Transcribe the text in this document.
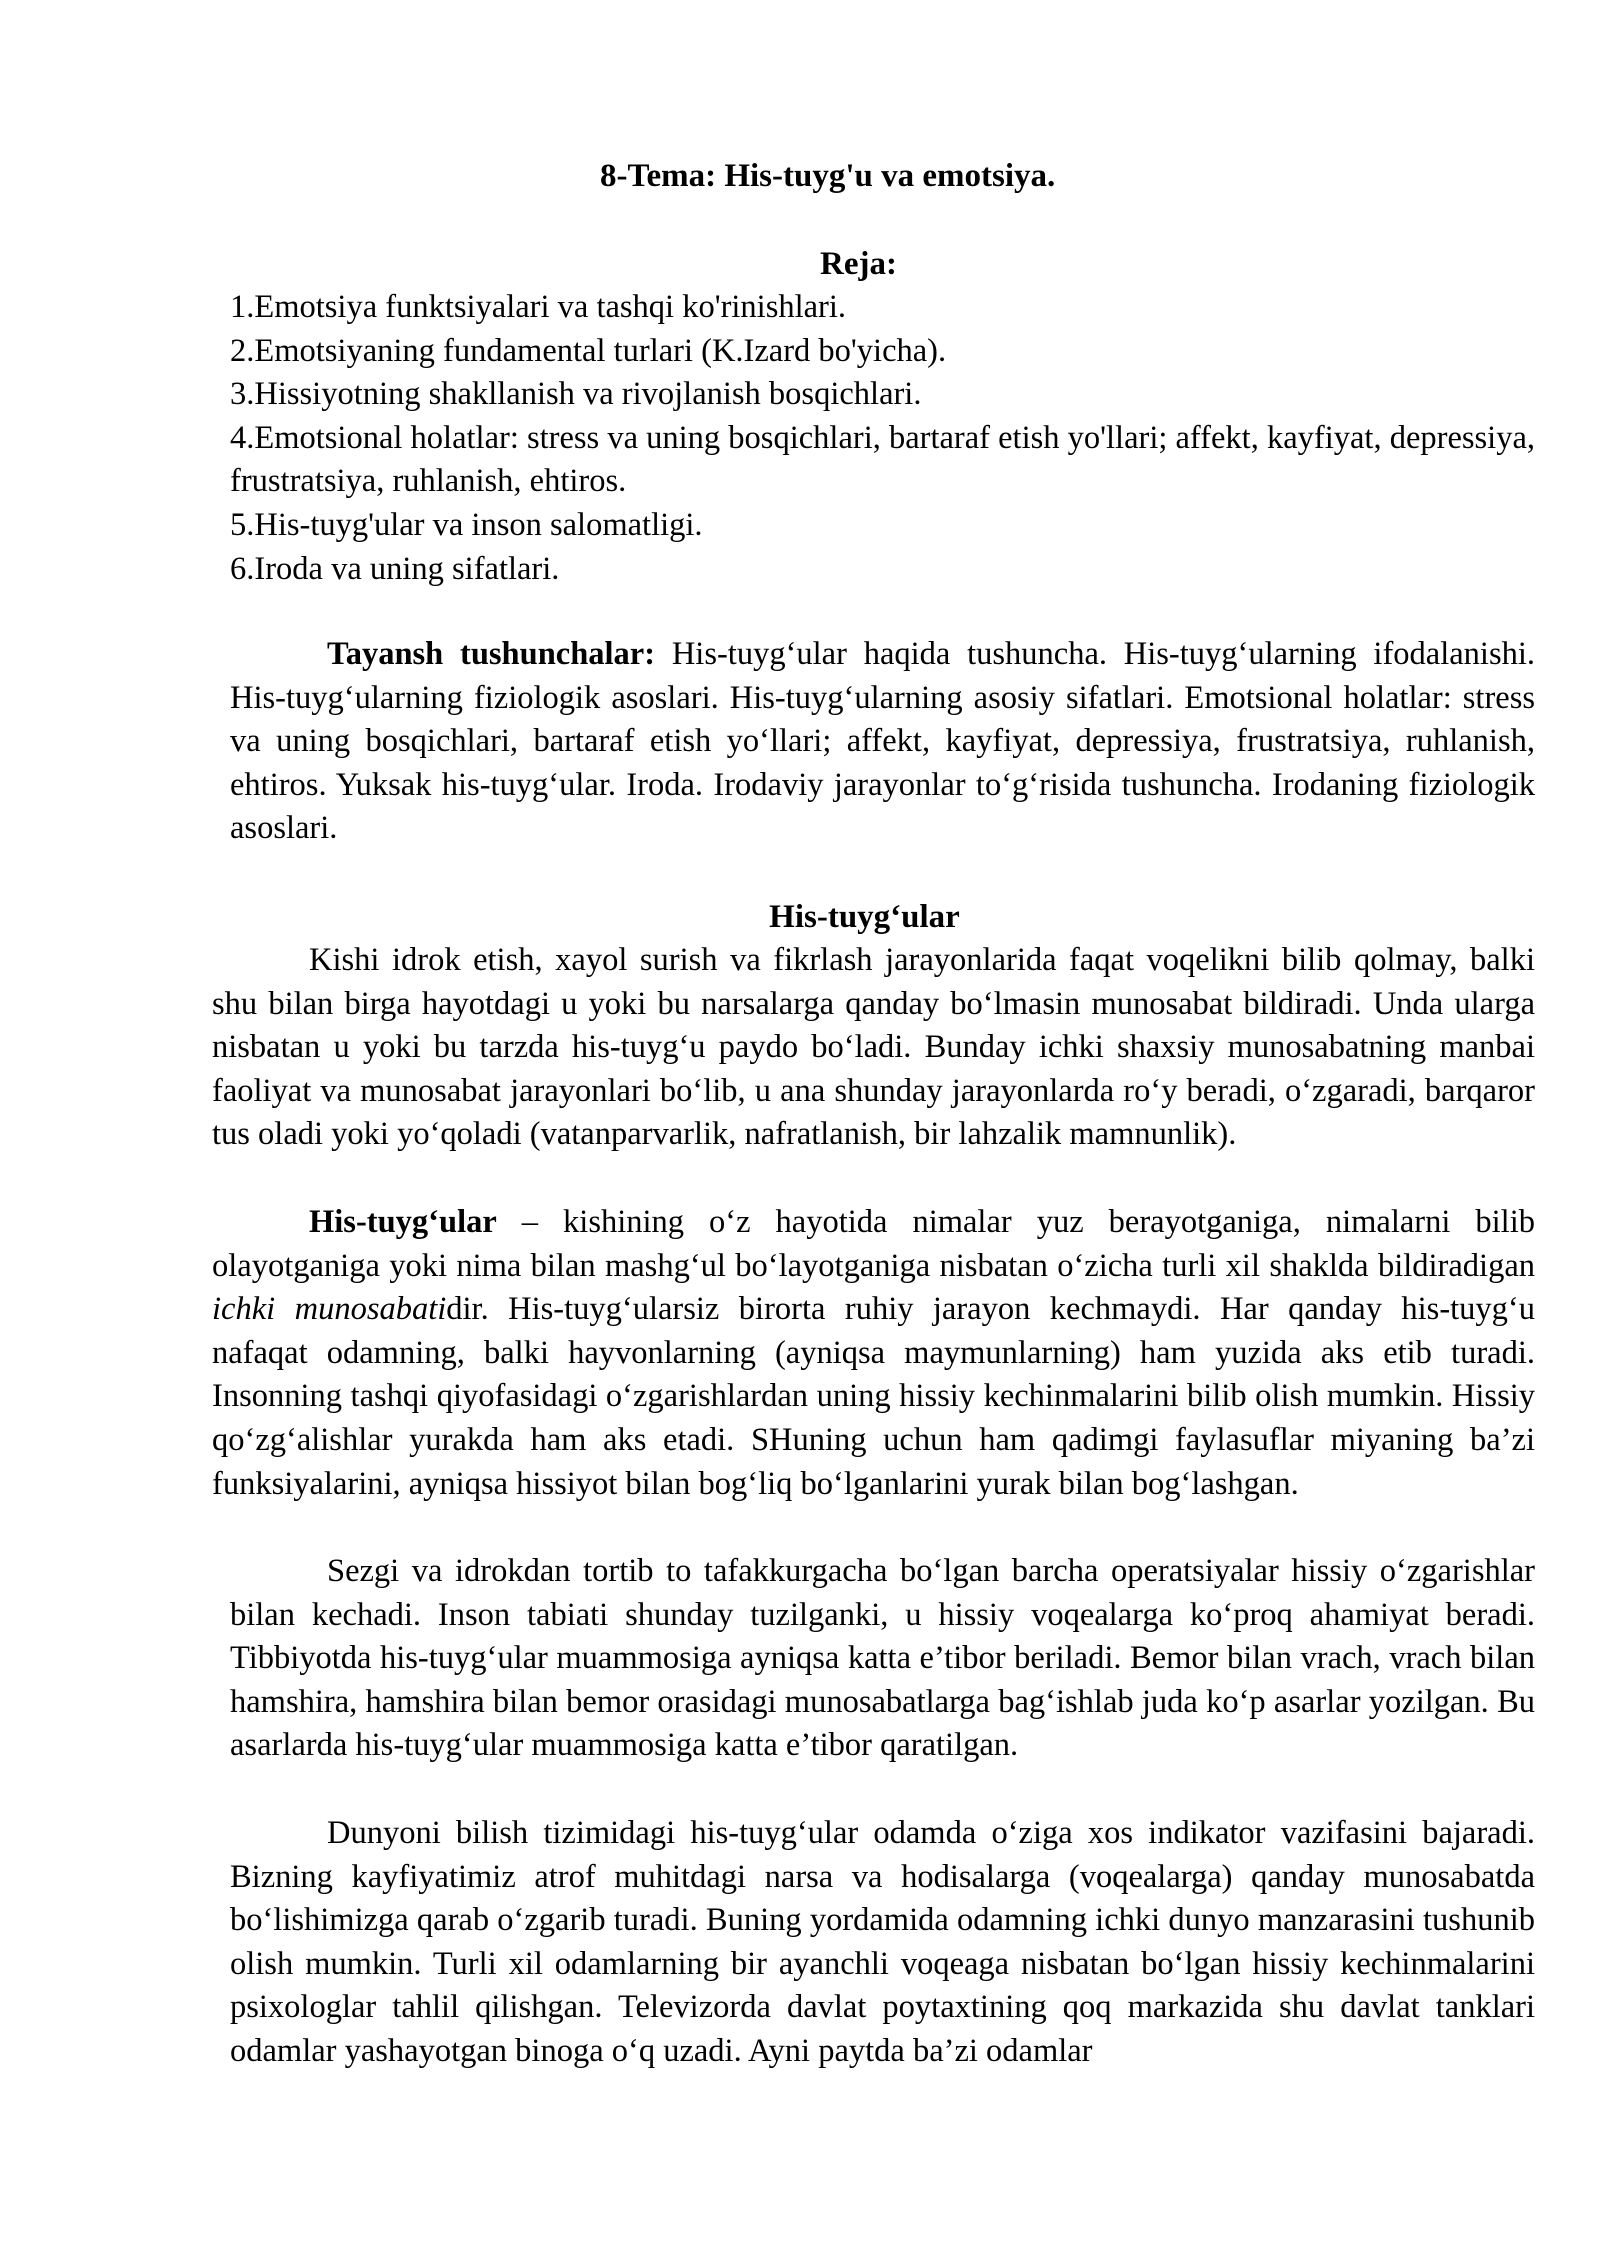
8-Tema: His-tuyg'u va emotsiya.
Reja:
1.Emotsiya funktsiyalari va tashqi ko'rinishlari.
2.Emotsiyaning fundamental turlari (K.Izard bo'yicha).
3.Hissiyotning shakllanish va rivojlanish bosqichlari.
4.Emotsional holatlar: stress va uning bosqichlari, bartaraf etish yo'llari; affekt, kayfiyat, depressiya, frustratsiya, ruhlanish, ehtiros.
5.His-tuyg'ular va inson salomatligi.
6.Iroda va uning sifatlari.
Tayansh tushunchalar: His-tuyg‘ular haqida tushuncha. His-tuyg‘ularning ifodalanishi. His-tuyg‘ularning fiziologik asoslari. His-tuyg‘ularning asosiy sifatlari. Emotsional holatlar: stress va uning bosqichlari, bartaraf etish yo‘llari; affekt, kayfiyat, depressiya, frustratsiya, ruhlanish, ehtiros. Yuksak his-tuyg‘ular. Iroda. Irodaviy jarayonlar to‘g‘risida tushuncha. Irodaning fiziologik asoslari.
His-tuyg‘ular
Kishi idrok etish, xayol surish va fikrlash jarayonlarida faqat voqelikni bilib qolmay, balki shu bilan birga hayotdagi u yoki bu narsalarga qanday bo‘lmasin munosabat bildiradi. Unda ularga nisbatan u yoki bu tarzda his-tuyg‘u paydo bo‘ladi. Bunday ichki shaxsiy munosabatning manbai faoliyat va munosabat jarayonlari bo‘lib, u ana shunday jarayonlarda ro‘y beradi, o‘zgaradi, barqaror tus oladi yoki yo‘qoladi (vatanparvarlik, nafratlanish, bir lahzalik mamnunlik).
His-tuyg‘ular – kishining o‘z hayotida nimalar yuz berayotganiga, nimalarni bilib olayotganiga yoki nima bilan mashg‘ul bo‘layotganiga nisbatan o‘zicha turli xil shaklda bildiradigan ichki munosabatidir. His-tuyg‘ularsiz birorta ruhiy jarayon kechmaydi. Har qanday his-tuyg‘u nafaqat odamning, balki hayvonlarning (ayniqsa maymunlarning) ham yuzida aks etib turadi. Insonning tashqi qiyofasidagi o‘zgarishlardan uning hissiy kechinmalarini bilib olish mumkin. Hissiy qo‘zg‘alishlar yurakda ham aks etadi. SHuning uchun ham qadimgi faylasuflar miyaning ba’zi funksiyalarini, ayniqsa hissiyot bilan bog‘liq bo‘lganlarini yurak bilan bog‘lashgan.
Sezgi va idrokdan tortib to tafakkurgacha bo‘lgan barcha operatsiyalar hissiy o‘zgarishlar bilan kechadi. Inson tabiati shunday tuzilganki, u hissiy voqealarga ko‘proq ahamiyat beradi. Tibbiyotda his-tuyg‘ular muammosiga ayniqsa katta e’tibor beriladi. Bemor bilan vrach, vrach bilan hamshira, hamshira bilan bemor orasidagi munosabatlarga bag‘ishlab juda ko‘p asarlar yozilgan. Bu asarlarda his-tuyg‘ular muammosiga katta e’tibor qaratilgan.
Dunyoni bilish tizimidagi his-tuyg‘ular odamda o‘ziga xos indikator vazifasini bajaradi. Bizning kayfiyatimiz atrof muhitdagi narsa va hodisalarga (voqealarga) qanday munosabatda bo‘lishimizga qarab o‘zgarib turadi. Buning yordamida odamning ichki dunyo manzarasini tushunib olish mumkin. Turli xil odamlarning bir ayanchli voqeaga nisbatan bo‘lgan hissiy kechinmalarini psixologlar tahlil qilishgan. Televizorda davlat poytaxtining qoq markazida shu davlat tanklari odamlar yashayotgan binoga o‘q uzadi. Ayni paytda ba’zi odamlar
